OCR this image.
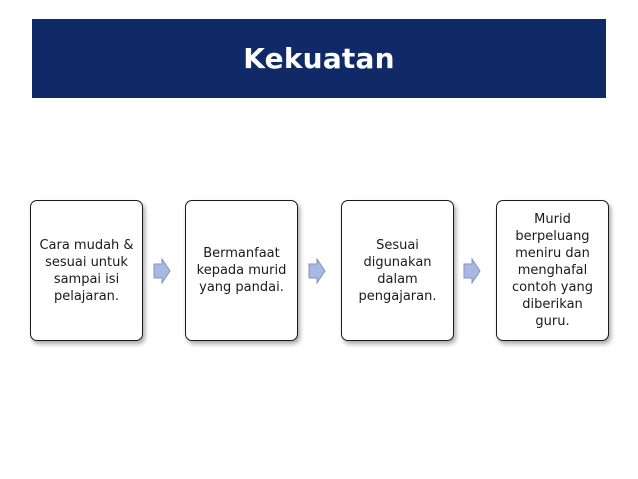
Kekuatan
Cara mudah &
sesuai untuk
sampai isi
pelajaran.
Bermanfaat
kepada murid
yang pandai.
Sesuai
digunakan
dalam
pengajaran.
Murid
berpeluang
meniru dan
menghafal
contoh yang
diberikan
guru.
